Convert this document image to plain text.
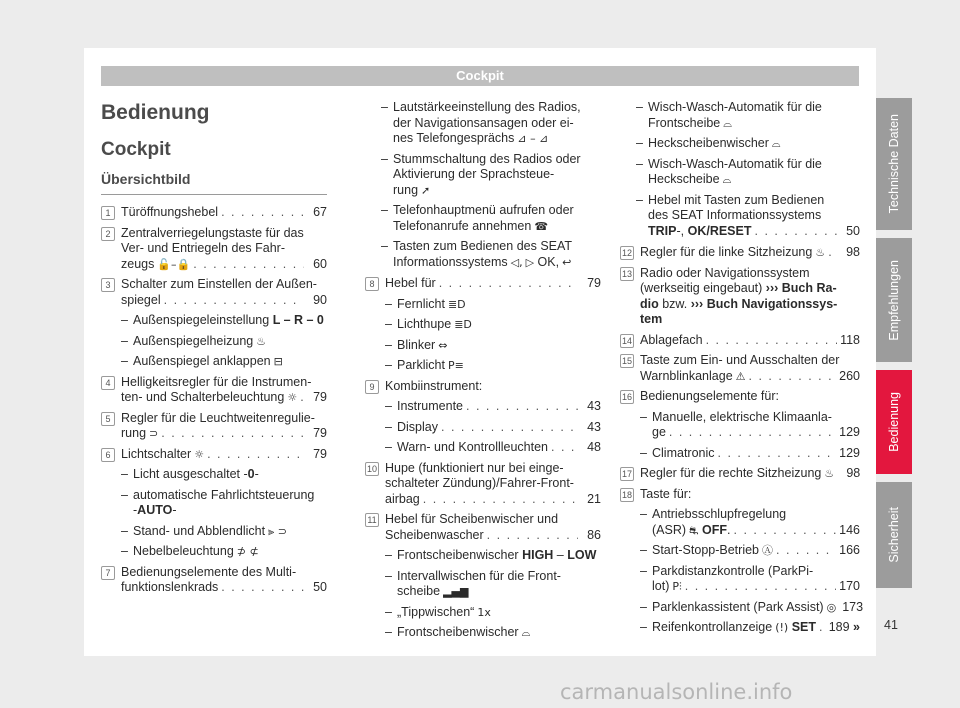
Cockpit
Bedienung
Cockpit
Übersichtbild
1 Türöffnungshebel . . .	67
2 Zentralverriegelungstaste für das Ver- und Entriegeln des Fahr-
zeugs 🔓–🔒 . . .	60
3 Schalter zum Einstellen der Außen-
spiegel . . .	90
– Außenspiegeleinstellung L – R – 0
– Außenspiegelheizung ♨
– Außenspiegel anklappen ⊟
4 Helligkeitsregler für die Instrumen-
ten- und Schalterbeleuchtung ☼ . . .	79
5 Regler für die Leuchtweitenregulie-
rung ⊃ . . .	79
6 Lichtschalter ☼ . . .	79
– Licht ausgeschaltet -0-
– automatische Fahrlichtsteuerung
-AUTO-
– Stand- und Abblendlicht ⫸ ⊃
– Nebelbeleuchtung ⊅ ⊄
7 Bedienungselemente des Multi-
funktionslenkrads . . .	50
– Lautstärkeeinstellung des Radios,
der Navigationsansagen oder ei-
nes Telefongesprächs ⊿ – ⊿
– Stummschaltung des Radios oder
Aktivierung der Sprachsteue-
rung ➚
– Telefonhauptmenü aufrufen oder
Telefonanrufe annehmen ☎
– Tasten zum Bedienen des SEAT
Informationssystems ◁, ▷ OK, ↩
8 Hebel für . . .	79
– Fernlicht ≣D
– Lichthupe ≣D
– Blinker ⇔
– Parklicht P≡
9 Kombiinstrument:
– Instrumente . . .	43
– Display . . .	43
– Warn- und Kontrollleuchten . . .	48
10 Hupe (funktioniert nur bei einge-
schalteter Zündung)/Fahrer-Front-
airbag . . .	21
11 Hebel für Scheibenwischer und
Scheibenwascher . . .	86
– Frontscheibenwischer HIGH – LOW
– Intervallwischen für die Front-
scheibe ▂▄▆
– „Tippwischen“ 1x
– Frontscheibenwischer ⌓
– Wisch-Wasch-Automatik für die
Frontscheibe ⌓
– Heckscheibenwischer ⌓
– Wisch-Wasch-Automatik für die
Heckscheibe ⌓
– Hebel mit Tasten zum Bedienen
des SEAT Informationssystems
TRIP-, OK/RESET . . .	50
12 Regler für die linke Sitzheizung ♨ . . .	98
13 Radio oder Navigationssystem
(werkseitig eingebaut) ››› Buch Ra-
dio bzw. ››› Buch Navigationssys-
tem
14 Ablagefach . . .	118
15 Taste zum Ein- und Ausschalten der
Warnblinkanlage ⚠ . . .	260
16 Bedienungselemente für:
– Manuelle, elektrische Klimaanla-
ge . . .	129
– Climatronic . . .	129
17 Regler für die rechte Sitzheizung ♨ 98
18 Taste für:
– Antriebsschlupfregelung
(ASR) ⛐ OFF. . . .	146
– Start-Stopp-Betrieb Ⓐ . . .	166
– Parkdistanzkontrolle (ParkPi-
lot) P⫶ . . .	170
– Parklenkassistent (Park Assist) ◎ 173
– Reifenkontrollanzeige (!) SET . . . 189 »
Technische Daten
Empfehlungen
Bedienung
Sicherheit
41
carmanualsonline.info
